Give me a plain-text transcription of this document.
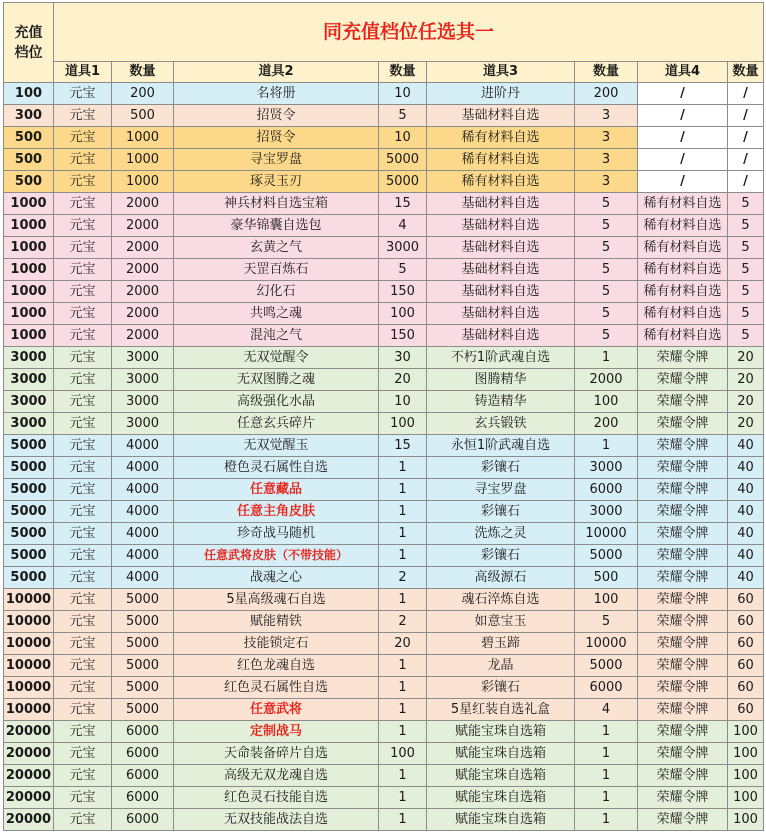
充值
档位	同充值档位任选其一							
	道具1	数量	道具2	数量	道具3	数量	道具4	数量
100	元宝	200	名将册	10	进阶丹	200	/	/
300	元宝	500	招贤令	5	基础材料自选	3	/	/
500	元宝	1000	招贤令	10	稀有材料自选	3	/	/
500	元宝	1000	寻宝罗盘	5000	稀有材料自选	3	/	/
500	元宝	1000	琢灵玉刃	5000	稀有材料自选	3	/	/
1000	元宝	2000	神兵材料自选宝箱	15	基础材料自选	5	稀有材料自选	5
1000	元宝	2000	豪华锦囊自选包	4	基础材料自选	5	稀有材料自选	5
1000	元宝	2000	玄黄之气	3000	基础材料自选	5	稀有材料自选	5
1000	元宝	2000	天罡百炼石	5	基础材料自选	5	稀有材料自选	5
1000	元宝	2000	幻化石	150	基础材料自选	5	稀有材料自选	5
1000	元宝	2000	共鸣之魂	100	基础材料自选	5	稀有材料自选	5
1000	元宝	2000	混沌之气	150	基础材料自选	5	稀有材料自选	5
3000	元宝	3000	无双觉醒令	30	不朽1阶武魂自选	1	荣耀令牌	20
3000	元宝	3000	无双图腾之魂	20	图腾精华	2000	荣耀令牌	20
3000	元宝	3000	高级强化水晶	10	铸造精华	100	荣耀令牌	20
3000	元宝	3000	任意玄兵碎片	100	玄兵锻铁	200	荣耀令牌	20
5000	元宝	4000	无双觉醒玉	15	永恒1阶武魂自选	1	荣耀令牌	40
5000	元宝	4000	橙色灵石属性自选	1	彩镶石	3000	荣耀令牌	40
5000	元宝	4000	任意藏品	1	寻宝罗盘	6000	荣耀令牌	40
5000	元宝	4000	任意主角皮肤	1	彩镶石	3000	荣耀令牌	40
5000	元宝	4000	珍奇战马随机	1	洗炼之灵	10000	荣耀令牌	40
5000	元宝	4000	任意武将皮肤（不带技能）	1	彩镶石	5000	荣耀令牌	40
5000	元宝	4000	战魂之心	2	高级源石	500	荣耀令牌	40
10000	元宝	5000	5星高级魂石自选	1	魂石淬炼自选	100	荣耀令牌	60
10000	元宝	5000	赋能精铁	2	如意宝玉	5	荣耀令牌	60
10000	元宝	5000	技能锁定石	20	碧玉蹄	10000	荣耀令牌	60
10000	元宝	5000	红色龙魂自选	1	龙晶	5000	荣耀令牌	60
10000	元宝	5000	红色灵石属性自选	1	彩镶石	6000	荣耀令牌	60
10000	元宝	5000	任意武将	1	5星红装自选礼盒	4	荣耀令牌	60
20000	元宝	6000	定制战马	1	赋能宝珠自选箱	1	荣耀令牌	100
20000	元宝	6000	天命装备碎片自选	100	赋能宝珠自选箱	1	荣耀令牌	100
20000	元宝	6000	高级无双龙魂自选	1	赋能宝珠自选箱	1	荣耀令牌	100
20000	元宝	6000	红色灵石技能自选	1	赋能宝珠自选箱	1	荣耀令牌	100
20000	元宝	6000	无双技能战法自选	1	赋能宝珠自选箱	1	荣耀令牌	100
